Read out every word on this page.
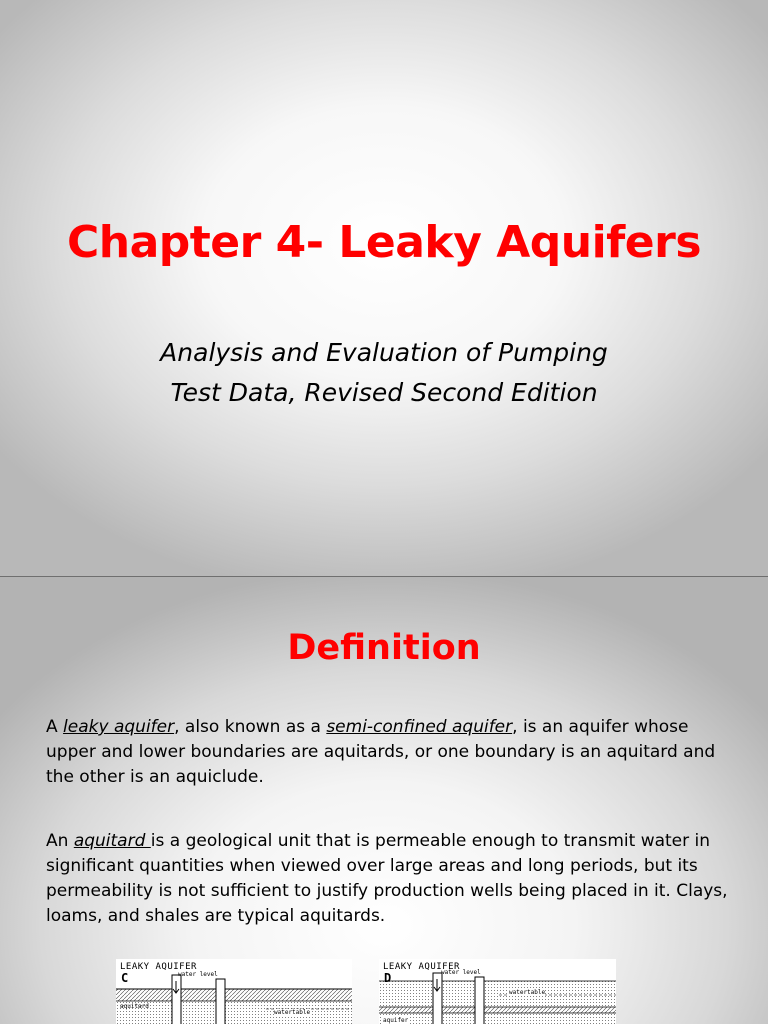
Chapter 4- Leaky Aquifers
Analysis and Evaluation of Pumping
Test Data, Revised Second Edition
Definition
A leaky aquifer, also known as a semi-confined aquifer, is an aquifer whose upper and lower boundaries are aquitards, or one boundary is an aquitard and the other is an aquiclude.
An aquitard is a geological unit that is permeable enough to transmit water in significant quantities when viewed over large areas and long periods, but its permeability is not sufficient to justify production wells being placed in it. Clays, loams, and shales are typical aquitards.
LEAKY AQUIFER
C	water level
aquitard
watertable
LEAKY AQUIFER
D	water level
watertable
aquifer
